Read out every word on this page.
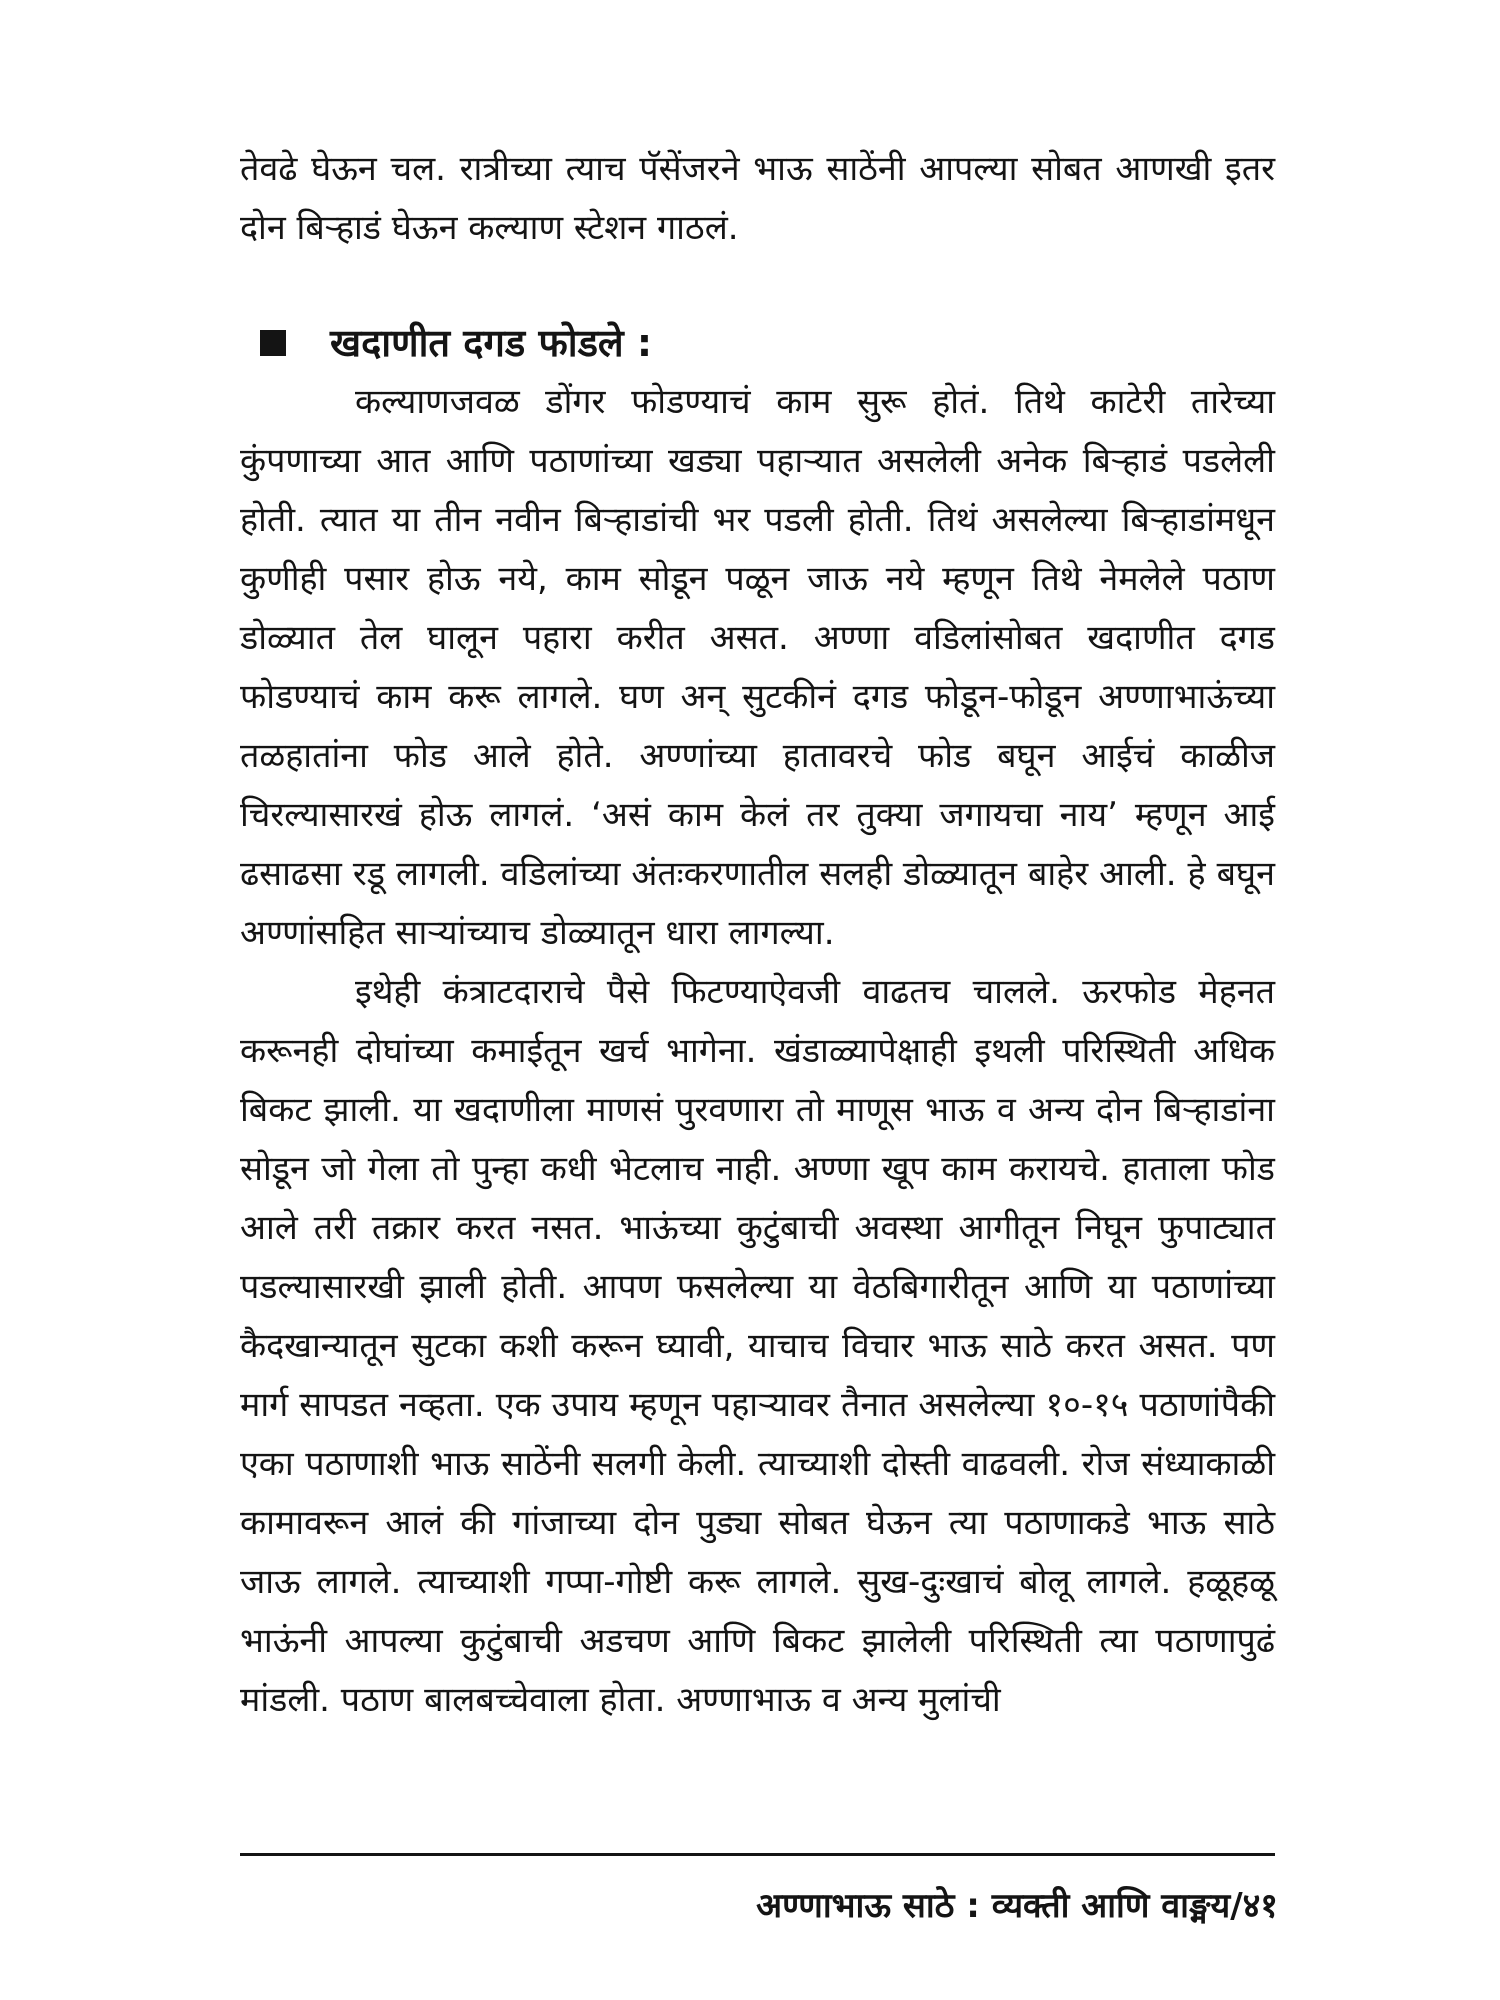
तेवढे घेऊन चल. रात्रीच्या त्याच पॅसेंजरने भाऊ साठेंनी आपल्या सोबत आणखी इतर दोन बिऱ्हाडं घेऊन कल्याण स्टेशन गाठलं.

खदाणीत दगड फोडले :

कल्याणजवळ डोंगर फोडण्याचं काम सुरू होतं. तिथे काटेरी तारेच्या कुंपणाच्या आत आणि पठाणांच्या खड्या पहाऱ्यात असलेली अनेक बिऱ्हाडं पडलेली होती. त्यात या तीन नवीन बिऱ्हाडांची भर पडली होती. तिथं असलेल्या बिऱ्हाडांमधून कुणीही पसार होऊ नये, काम सोडून पळून जाऊ नये म्हणून तिथे नेमलेले पठाण डोळ्यात तेल घालून पहारा करीत असत. अण्णा वडिलांसोबत खदाणीत दगड फोडण्याचं काम करू लागले. घण अन् सुटकीनं दगड फोडून-फोडून अण्णाभाऊंच्या तळहातांना फोड आले होते. अण्णांच्या हातावरचे फोड बघून आईचं काळीज चिरल्यासारखं होऊ लागलं. ‘असं काम केलं तर तुक्या जगायचा नाय’ म्हणून आई ढसाढसा रडू लागली. वडिलांच्या अंतःकरणातील सलही डोळ्यातून बाहेर आली. हे बघून अण्णांसहित साऱ्यांच्याच डोळ्यातून धारा लागल्या.

इथेही कंत्राटदाराचे पैसे फिटण्याऐवजी वाढतच चालले. ऊरफोड मेहनत करूनही दोघांच्या कमाईतून खर्च भागेना. खंडाळ्यापेक्षाही इथली परिस्थिती अधिक बिकट झाली. या खदाणीला माणसं पुरवणारा तो माणूस भाऊ व अन्य दोन बिऱ्हाडांना सोडून जो गेला तो पुन्हा कधी भेटलाच नाही. अण्णा खूप काम करायचे. हाताला फोड आले तरी तक्रार करत नसत. भाऊंच्या कुटुंबाची अवस्था आगीतून निघून फुपाट्यात पडल्यासारखी झाली होती. आपण फसलेल्या या वेठबिगारीतून आणि या पठाणांच्या कैदखान्यातून सुटका कशी करून घ्यावी, याचाच विचार भाऊ साठे करत असत. पण मार्ग सापडत नव्हता. एक उपाय म्हणून पहाऱ्यावर तैनात असलेल्या १०-१५ पठाणांपैकी एका पठाणाशी भाऊ साठेंनी सलगी केली. त्याच्याशी दोस्ती वाढवली. रोज संध्याकाळी कामावरून आलं की गांजाच्या दोन पुड्या सोबत घेऊन त्या पठाणाकडे भाऊ साठे जाऊ लागले. त्याच्याशी गप्पा-गोष्टी करू लागले. सुख-दुःखाचं बोलू लागले. हळूहळू भाऊंनी आपल्या कुटुंबाची अडचण आणि बिकट झालेली परिस्थिती त्या पठाणापुढं मांडली. पठाण बालबच्चेवाला होता. अण्णाभाऊ व अन्य मुलांची

अण्णाभाऊ साठे : व्यक्ती आणि वाङ्मय/४१
